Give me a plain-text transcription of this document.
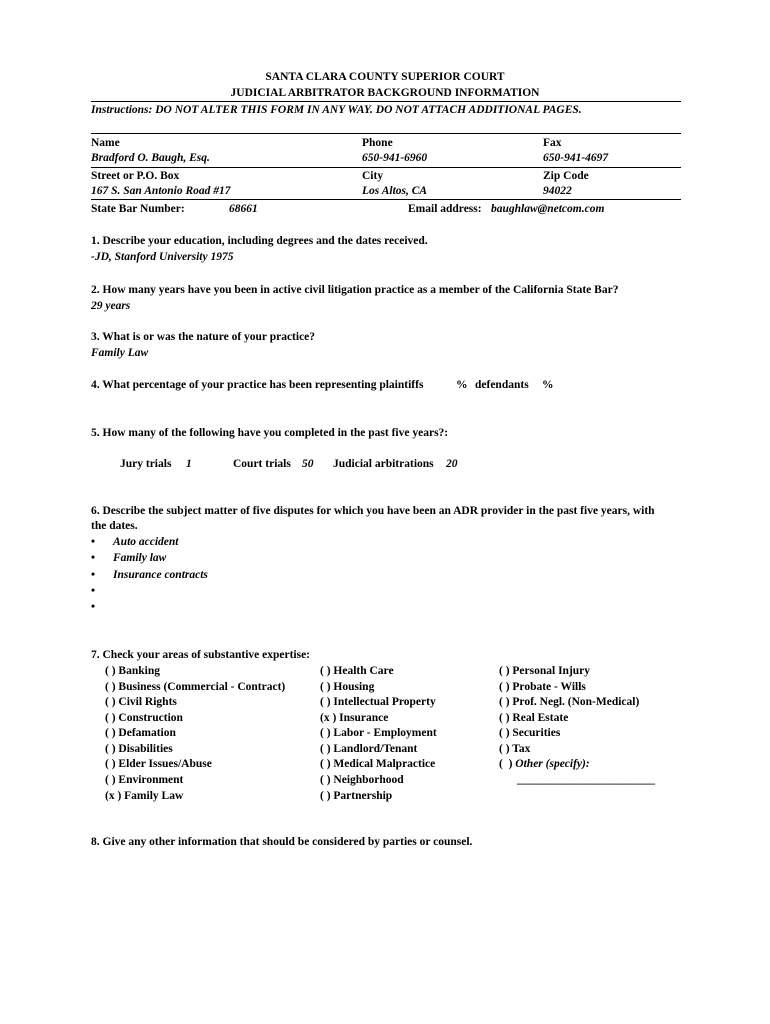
SANTA CLARA COUNTY SUPERIOR COURT
JUDICIAL ARBITRATOR BACKGROUND INFORMATION
Instructions: DO NOT ALTER THIS FORM IN ANY WAY. DO NOT ATTACH ADDITIONAL PAGES.
Name	Phone	Fax
Bradford O. Baugh, Esq.	650-941-6960	650-941-4697
Street or P.O. Box	City	Zip Code
167 S. San Antonio Road #17	Los Altos, CA	94022
State Bar Number:	68661	Email address: baughlaw@netcom.com
1. Describe your education, including degrees and the dates received.
-JD, Stanford University 1975
2. How many years have you been in active civil litigation practice as a member of the California State Bar?
29 years
3. What is or was the nature of your practice?
Family Law
4. What percentage of your practice has been representing plaintiffs	% defendants %
5. How many of the following have you completed in the past five years?:
Jury trials 1	Court trials 50 Judicial arbitrations 20
6. Describe the subject matter of five disputes for which you have been an ADR provider in the past five years, with
the dates.
• Auto accident
• Family law
• Insurance contracts
•
•
7. Check your areas of substantive expertise:
( ) Banking
( ) Business (Commercial - Contract)
( ) Civil Rights
( ) Construction
( ) Defamation
( ) Disabilities
( ) Elder Issues/Abuse
( ) Environment
(x ) Family Law
( ) Health Care
( ) Housing
( ) Intellectual Property
(x ) Insurance
( ) Labor - Employment
( ) Landlord/Tenant
( ) Medical Malpractice
( ) Neighborhood
( ) Partnership
( ) Personal Injury
( ) Probate - Wills
( ) Prof. Negl. (Non-Medical)
( ) Real Estate
( ) Securities
( ) Tax
(  ) Other (specify):
________________________
8. Give any other information that should be considered by parties or counsel.
